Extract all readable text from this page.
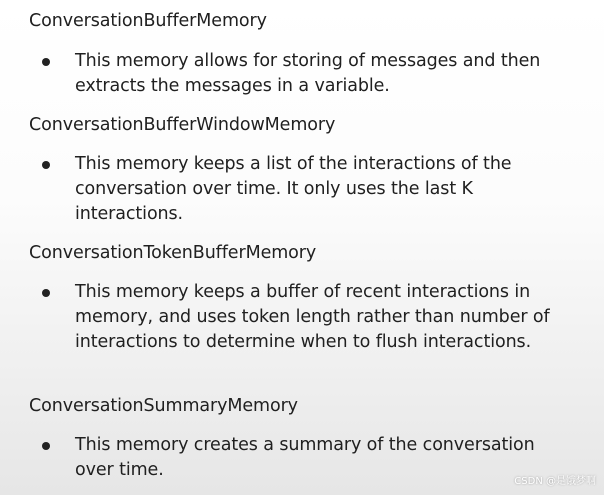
ConversationBufferMemory
This memory allows for storing of messages and then extracts the messages in a variable.
ConversationBufferWindowMemory
This memory keeps a list of the interactions of the conversation over time. It only uses the last K interactions.
ConversationTokenBufferMemory
This memory keeps a buffer of recent interactions in memory, and uses token length rather than number of interactions to determine when to flush interactions.
ConversationSummaryMemory
This memory creates a summary of the conversation over time.
CSDN @是饿梦啊
